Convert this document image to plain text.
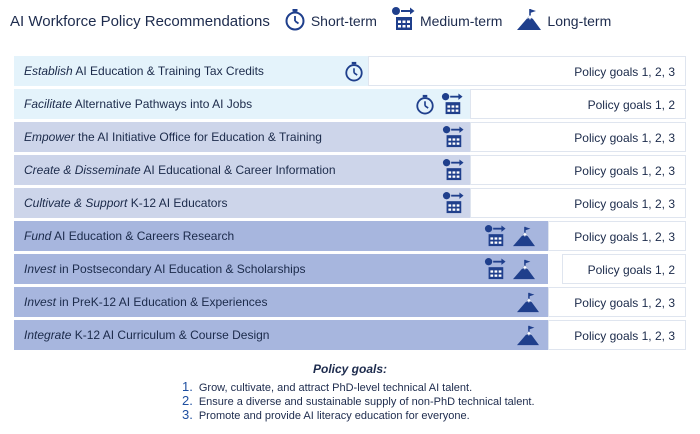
AI Workforce Policy Recommendations	Short-term	Medium-term	Long-term
Establish AI Education & Training Tax Credits	Policy goals 1, 2, 3
Facilitate Alternative Pathways into AI Jobs	Policy goals 1, 2
Empower the AI Initiative Office for Education & Training	Policy goals 1, 2, 3
Create & Disseminate AI Educational & Career Information	Policy goals 1, 2, 3
Cultivate & Support K-12 AI Educators	Policy goals 1, 2, 3
Fund AI Education & Careers Research	Policy goals 1, 2, 3
Invest in Postsecondary AI Education & Scholarships	Policy goals 1, 2
Invest in PreK-12 AI Education & Experiences	Policy goals 1, 2, 3
Integrate K-12 AI Curriculum & Course Design	Policy goals 1, 2, 3
Policy goals:
1. Grow, cultivate, and attract PhD-level technical AI talent.
2. Ensure a diverse and sustainable supply of non-PhD technical talent.
3. Promote and provide AI literacy education for everyone.
